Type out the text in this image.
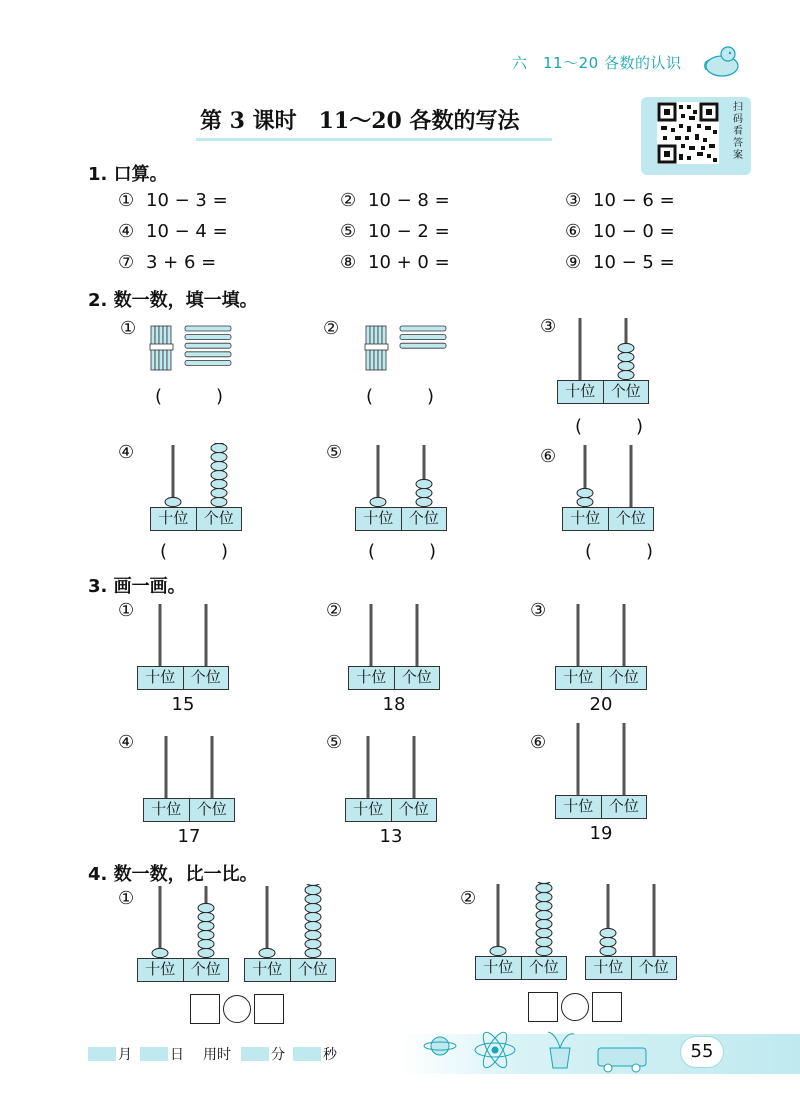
六　11～20 各数的认识
第 3 课时　11～20 各数的写法
扫
码
看
答
案
1. 口算。
① 10 − 3 =	② 10 − 8 =	③ 10 − 6 =
④ 10 − 4 =	⑤ 10 − 2 =	⑥ 10 − 0 =
⑦ 3 + 6 =	⑧ 10 + 0 =	⑨ 10 − 5 =
2. 数一数，填一填。
①
(　　　)
②
(　　　)
③
十位	个位
(　　　)
④
十位	个位
(　　　)
⑤
十位	个位
(　　　)
⑥
十位	个位
(　　　)
3. 画一画。
①
十位	个位
15
②
十位	个位
18
③
十位	个位
20
④
十位	个位
17
⑤
十位	个位
13
⑥
十位	个位
19
4. 数一数，比一比。
①
十位	个位	十位	个位
②
十位	个位	十位	个位
55
月	日 用时	分	秒
